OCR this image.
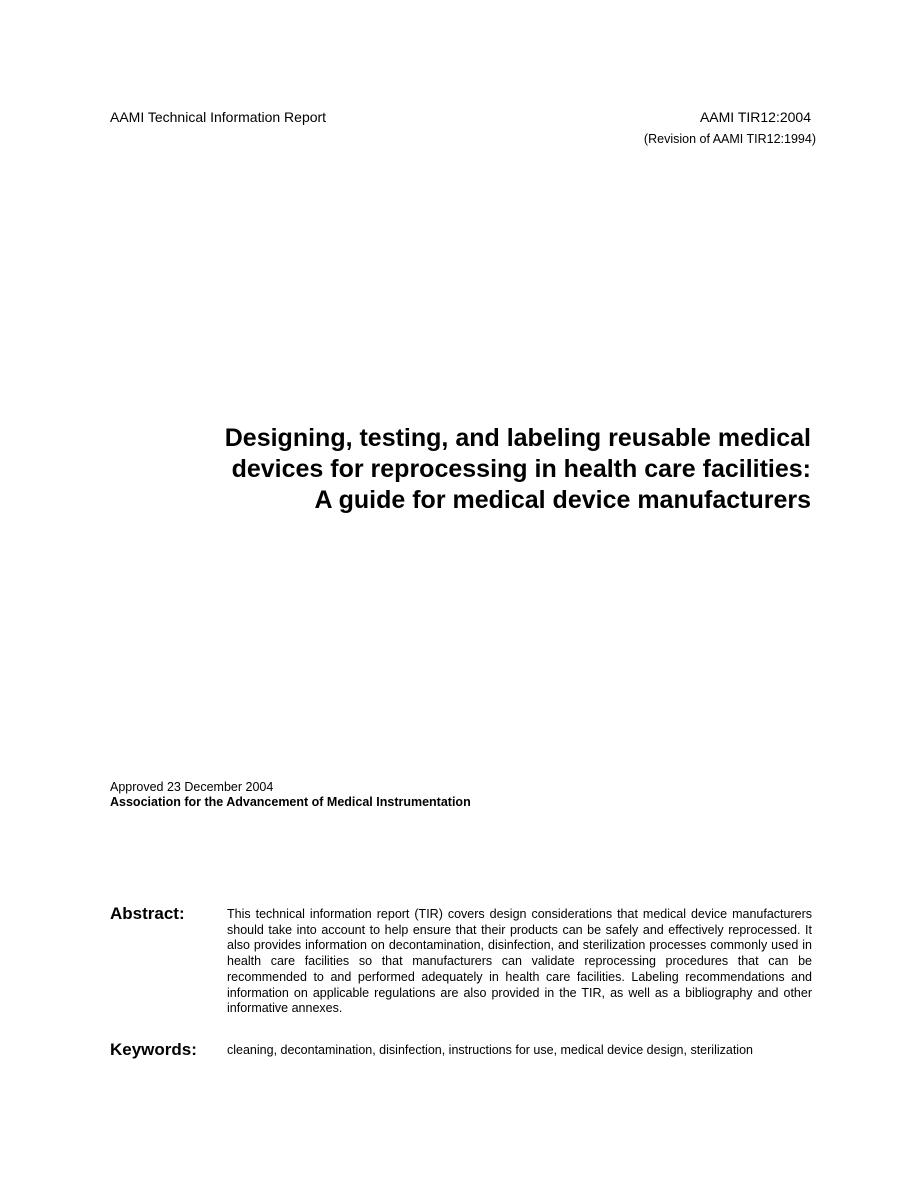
AAMI Technical Information Report	AAMI TIR12:2004
(Revision of AAMI TIR12:1994)
Designing, testing, and labeling reusable medical
devices for reprocessing in health care facilities:
A guide for medical device manufacturers
Approved 23 December 2004
Association for the Advancement of Medical Instrumentation
Abstract:	This technical information report (TIR) covers design considerations that medical device manufacturers should take into account to help ensure that their products can be safely and effectively reprocessed. It also provides information on decontamination, disinfection, and sterilization processes commonly used in health care facilities so that manufacturers can validate reprocessing procedures that can be recommended to and performed adequately in health care facilities. Labeling recommendations and information on applicable regulations are also provided in the TIR, as well as a bibliography and other informative annexes.
Keywords: cleaning, decontamination, disinfection, instructions for use, medical device design, sterilization
